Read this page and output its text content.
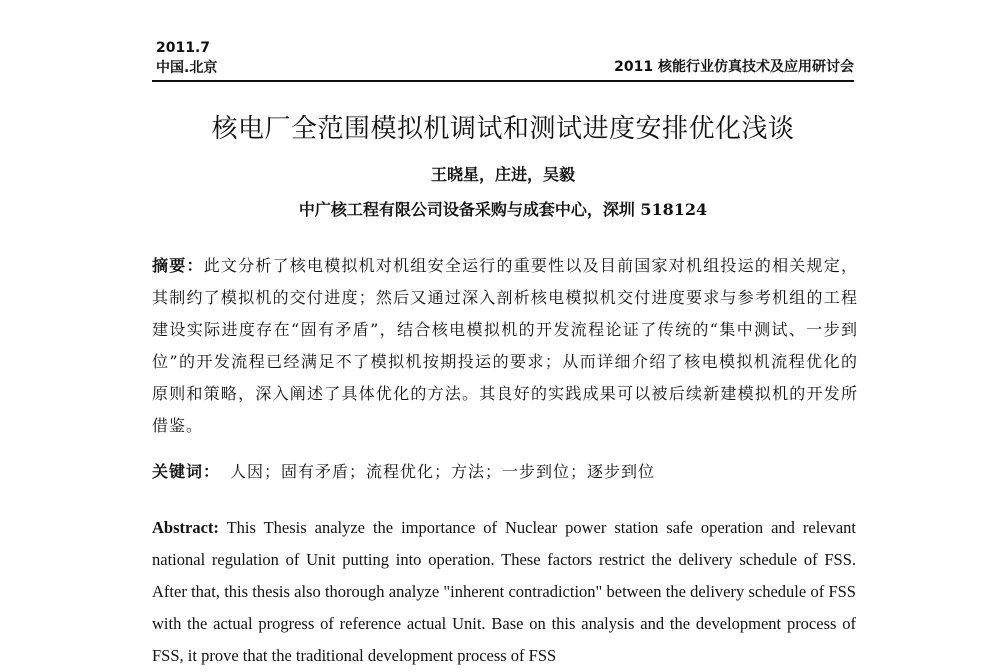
2011.7
中国.北京	2011 核能行业仿真技术及应用研讨会
核电厂全范围模拟机调试和测试进度安排优化浅谈
王晓星，庄进，吴毅
中广核工程有限公司设备采购与成套中心，深圳 518124
摘要：此文分析了核电模拟机对机组安全运行的重要性以及目前国家对机组投运的相关规定，其制约了模拟机的交付进度；然后又通过深入剖析核电模拟机交付进度要求与参考机组的工程建设实际进度存在“固有矛盾”，结合核电模拟机的开发流程论证了传统的“集中测试、一步到位”的开发流程已经满足不了模拟机按期投运的要求；从而详细介绍了核电模拟机流程优化的原则和策略，深入阐述了具体优化的方法。其良好的实践成果可以被后续新建模拟机的开发所借鉴。
关键词： 人因；固有矛盾；流程优化；方法；一步到位；逐步到位
Abstract: This Thesis analyze the importance of Nuclear power station safe operation and relevant national regulation of Unit putting into operation. These factors restrict the delivery schedule of FSS. After that, this thesis also thorough analyze "inherent contradiction" between the delivery schedule of FSS with the actual progress of reference actual Unit. Base on this analysis and the development process of FSS, it prove that the traditional development process of FSS
